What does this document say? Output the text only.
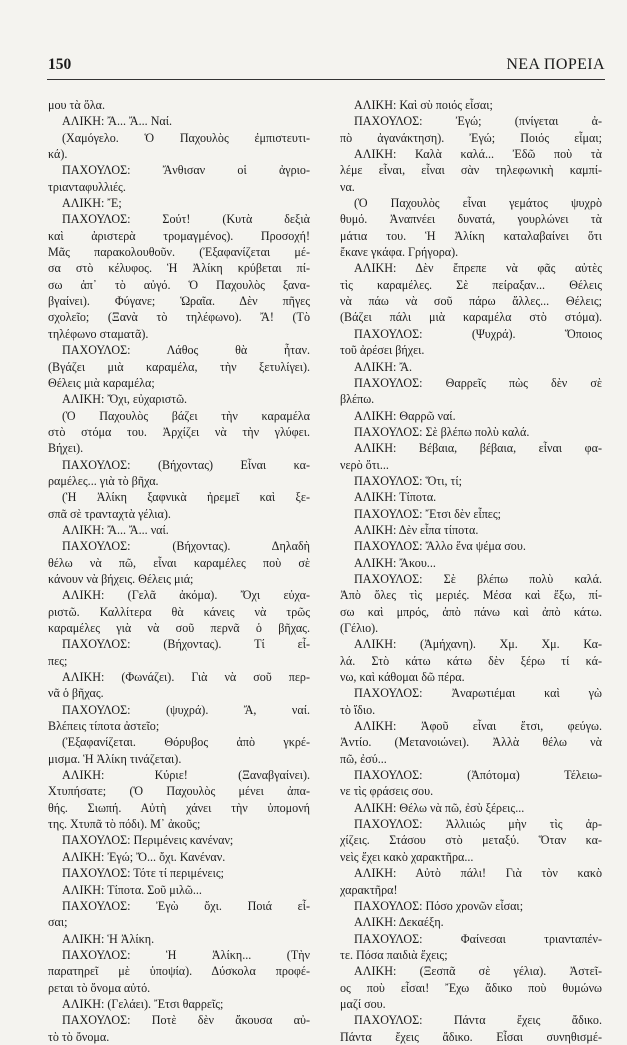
150	ΝΕΑ ΠΟΡΕΙΑ
μου τὰ ὅλα.
ΑΛΙΚΗ: Ἄ... Ἄ... Ναί.
(Χαμόγελο. Ὁ Παχουλὸς ἐμπιστευτι-
κά).
ΠΑΧΟΥΛΟΣ: Ἄνθισαν οἱ ἀγριο-
τριανταφυλλιές.
ΑΛΙΚΗ: Ἔ;
ΠΑΧΟΥΛΟΣ: Σούτ! (Κυτὰ δεξιὰ
καὶ ἀριστερὰ τρομαγμένος). Προσοχή!
Μᾶς παρακολουθοῦν. (Ἐξαφανίζεται μέ-
σα στὸ κέλυφος. Ἡ Ἀλίκη κρύβεται πί-
σω ἀπ᾿ τὸ αὐγό. Ὁ Παχουλὸς ξανα-
βγαίνει). Φύγανε; Ὡραῖα. Δὲν πῆγες
σχολεῖο; (Ξανὰ τὸ τηλέφωνο). Ἄ! (Τὸ
τηλέφωνο σταματᾶ).
ΠΑΧΟΥΛΟΣ: Λάθος θὰ ἦταν.
(Βγάζει μιὰ καραμέλα, τὴν ξετυλίγει).
Θέλεις μιὰ καραμέλα;
ΑΛΙΚΗ: Ὄχι, εὐχαριστῶ.
(Ὁ Παχουλὸς βάζει τὴν καραμέλα
στὸ στόμα του. Ἀρχίζει νὰ τὴν γλύφει.
Βήχει).
ΠΑΧΟΥΛΟΣ: (Βήχοντας) Εἶναι κα-
ραμέλες... γιὰ τὸ βῆχα.
(Ἡ Ἀλίκη ξαφνικὰ ἠρεμεῖ καὶ ξε-
σπᾶ σὲ τρανταχτὰ γέλια).
ΑΛΙΚΗ: Ἄ... Ἄ... ναί.
ΠΑΧΟΥΛΟΣ: (Βήχοντας). Δηλαδὴ
θέλω νὰ πῶ, εἶναι καραμέλες ποὺ σὲ
κάνουν νὰ βήχεις. Θέλεις μιά;
ΑΛΙΚΗ: (Γελᾶ ἀκόμα). Ὄχι εὐχα-
ριστῶ. Καλλίτερα θὰ κάνεις νὰ τρῶς
καραμέλες γιὰ νὰ σοῦ περνᾶ ὁ βῆχας.
ΠΑΧΟΥΛΟΣ: (Βήχοντας). Τί εἶ-
πες;
ΑΛΙΚΗ: (Φωνάζει). Γιὰ νὰ σοῦ περ-
νᾶ ὁ βῆχας.
ΠΑΧΟΥΛΟΣ: (ψυχρά). Ἄ, ναί.
Βλέπεις τίποτα ἀστεῖο;
(Ἐξαφανίζεται. Θόρυβος ἀπὸ γκρέ-
μισμα. Ἡ Ἀλίκη τινάζεται).
ΑΛΙΚΗ: Κύριε! (Ξαναβγαίνει).
Χτυπήσατε; (Ὁ Παχουλὸς μένει ἀπα-
θής. Σιωπή. Αὐτὴ χάνει τὴν ὑπομονή
της. Χτυπᾶ τὸ πόδι). Μ᾿ ἀκοῦς;
ΠΑΧΟΥΛΟΣ: Περιμένεις κανέναν;
ΑΛΙΚΗ: Ἐγώ; Ὄ... ὄχι. Κανέναν.
ΠΑΧΟΥΛΟΣ: Τότε τί περιμένεις;
ΑΛΙΚΗ: Τίποτα. Σοῦ μιλῶ...
ΠΑΧΟΥΛΟΣ: Ἐγὼ ὄχι. Ποιά εἶ-
σαι;
ΑΛΙΚΗ: Ἡ Ἀλίκη.
ΠΑΧΟΥΛΟΣ: Ἡ Ἀλίκη... (Τὴν
παρατηρεῖ μὲ ὑποψία). Δύσκολα προφέ-
ρεται τὸ ὄνομα αὐτό.
ΑΛΙΚΗ: (Γελάει). Ἔτσι θαρρεῖς;
ΠΑΧΟΥΛΟΣ: Ποτὲ δὲν ἄκουσα αὐ-
τὸ τὸ ὄνομα.
ΑΛΙΚΗ: Καὶ σὺ ποιός εἶσαι;
ΠΑΧΟΥΛΟΣ: Ἐγώ; (πνίγεται ἀ-
πὸ ἀγανάκτηση). Ἐγώ; Ποιός εἶμαι;
ΑΛΙΚΗ: Καλὰ καλά... Ἐδῶ ποὺ τὰ
λέμε εἶναι, εἶναι σὰν τηλεφωνικὴ καμπί-
να.
(Ὁ Παχουλὸς εἶναι γεμάτος ψυχρὸ
θυμό. Ἀναπνέει δυνατά, γουρλώνει τὰ
μάτια του. Ἡ Ἀλίκη καταλαβαίνει ὅτι
ἔκανε γκάφα. Γρήγορα).
ΑΛΙΚΗ: Δὲν ἔπρεπε νὰ φᾶς αὐτὲς
τὶς καραμέλες. Σὲ πείραξαν... Θέλεις
νὰ πάω νὰ σοῦ πάρω ἄλλες... Θέλεις;
(Βάζει πάλι μιὰ καραμέλα στὸ στόμα).
ΠΑΧΟΥΛΟΣ: (Ψυχρά). Ὅποιος
τοῦ ἀρέσει βήχει.
ΑΛΙΚΗ: Ἄ.
ΠΑΧΟΥΛΟΣ: Θαρρεῖς πὼς δὲν σὲ
βλέπω.
ΑΛΙΚΗ: Θαρρῶ ναί.
ΠΑΧΟΥΛΟΣ: Σὲ βλέπω πολὺ καλά.
ΑΛΙΚΗ: Βέβαια, βέβαια, εἶναι φα-
νερὸ ὅτι...
ΠΑΧΟΥΛΟΣ: Ὅτι, τί;
ΑΛΙΚΗ: Τίποτα.
ΠΑΧΟΥΛΟΣ: Ἔτσι δὲν εἶπες;
ΑΛΙΚΗ: Δὲν εἶπα τίποτα.
ΠΑΧΟΥΛΟΣ: Ἄλλο ἕνα ψέμα σου.
ΑΛΙΚΗ: Ἄκου...
ΠΑΧΟΥΛΟΣ: Σὲ βλέπω πολὺ καλά.
Ἀπὸ ὅλες τὶς μεριές. Μέσα καὶ ἔξω, πί-
σω καὶ μπρός, ἀπὸ πάνω καὶ ἀπὸ κάτω.
(Γέλιο).
ΑΛΙΚΗ: (Ἀμήχανη). Χμ. Χμ. Κα-
λά. Στὸ κάτω κάτω δὲν ξέρω τί κά-
νω, καὶ κάθομαι δῶ πέρα.
ΠΑΧΟΥΛΟΣ: Ἀναρωτιέμαι καὶ γὼ
τὸ ἴδιο.
ΑΛΙΚΗ: Ἀφοῦ εἶναι ἔτσι, φεύγω.
Ἀντίο. (Μετανοιώνει). Ἀλλὰ θέλω νὰ
πῶ, ἐσύ...
ΠΑΧΟΥΛΟΣ: (Ἀπότομα) Τέλειω-
νε τὶς φράσεις σου.
ΑΛΙΚΗ: Θέλω νὰ πῶ, ἐσὺ ξέρεις...
ΠΑΧΟΥΛΟΣ: Ἀλλιιώς μὴν τὶς ἀρ-
χίζεις. Στάσου στὸ μεταξύ. Ὅταν κα-
νεὶς ἔχει κακὸ χαρακτῆρα...
ΑΛΙΚΗ: Αὐτὸ πάλι! Γιὰ τὸν κακὸ
χαρακτῆρα!
ΠΑΧΟΥΛΟΣ: Πόσο χρονῶν εἶσαι;
ΑΛΙΚΗ: Δεκαέξη.
ΠΑΧΟΥΛΟΣ: Φαίνεσαι τριανταπέν-
τε. Πόσα παιδιὰ ἔχεις;
ΑΛΙΚΗ: (Ξεσπᾶ σὲ γέλια). Ἀστεῖ-
ος ποὺ εἶσαι! Ἔχω ἄδικο ποὺ θυμώνω
μαζί σου.
ΠΑΧΟΥΛΟΣ: Πάντα ἔχεις ἄδικο.
Πάντα ἔχεις ἄδικο. Εἶσαι συνηθισμέ-
